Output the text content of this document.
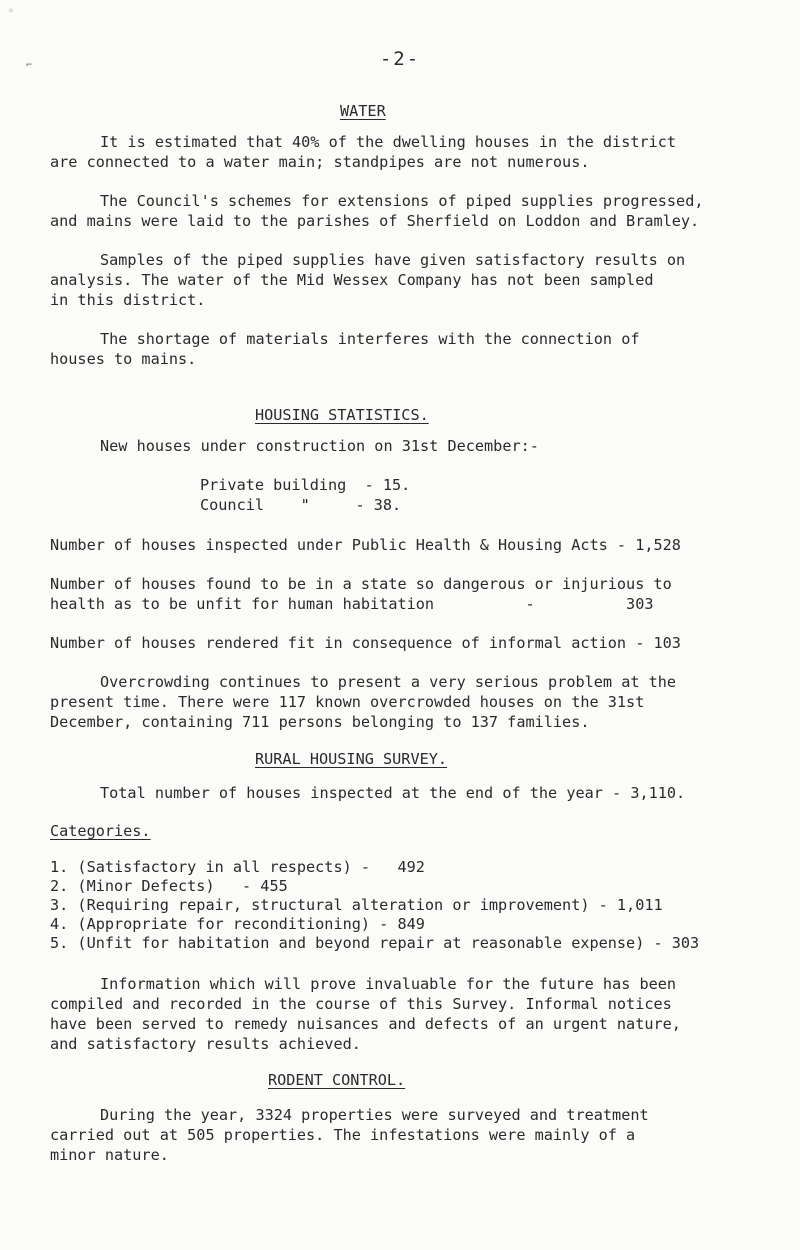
◦
⌐	-2-
WATER
It is estimated that 40% of the dwelling houses in the district
are connected to a water main; standpipes are not numerous.
The Council's schemes for extensions of piped supplies progressed,
and mains were laid to the parishes of Sherfield on Loddon and Bramley.
Samples of the piped supplies have given satisfactory results on
analysis. The water of the Mid Wessex Company has not been sampled
in this district.
The shortage of materials interferes with the connection of
houses to mains.
HOUSING STATISTICS.
New houses under construction on 31st December:-
Private building  - 15.
Council    "     - 38.
Number of houses inspected under Public Health & Housing Acts - 1,528
Number of houses found to be in a state so dangerous or injurious to
health as to be unfit for human habitation          -          303
Number of houses rendered fit in consequence of informal action - 103
Overcrowding continues to present a very serious problem at the
present time. There were 117 known overcrowded houses on the 31st
December, containing 711 persons belonging to 137 families.
RURAL HOUSING SURVEY.
Total number of houses inspected at the end of the year - 3,110.
Categories.
1. (Satisfactory in all respects) -   492
2. (Minor Defects)   - 455
3. (Requiring repair, structural alteration or improvement) - 1,011
4. (Appropriate for reconditioning) - 849
5. (Unfit for habitation and beyond repair at reasonable expense) - 303
Information which will prove invaluable for the future has been
compiled and recorded in the course of this Survey. Informal notices
have been served to remedy nuisances and defects of an urgent nature,
and satisfactory results achieved.
RODENT CONTROL.
During the year, 3324 properties were surveyed and treatment
carried out at 505 properties. The infestations were mainly of a
minor nature.
